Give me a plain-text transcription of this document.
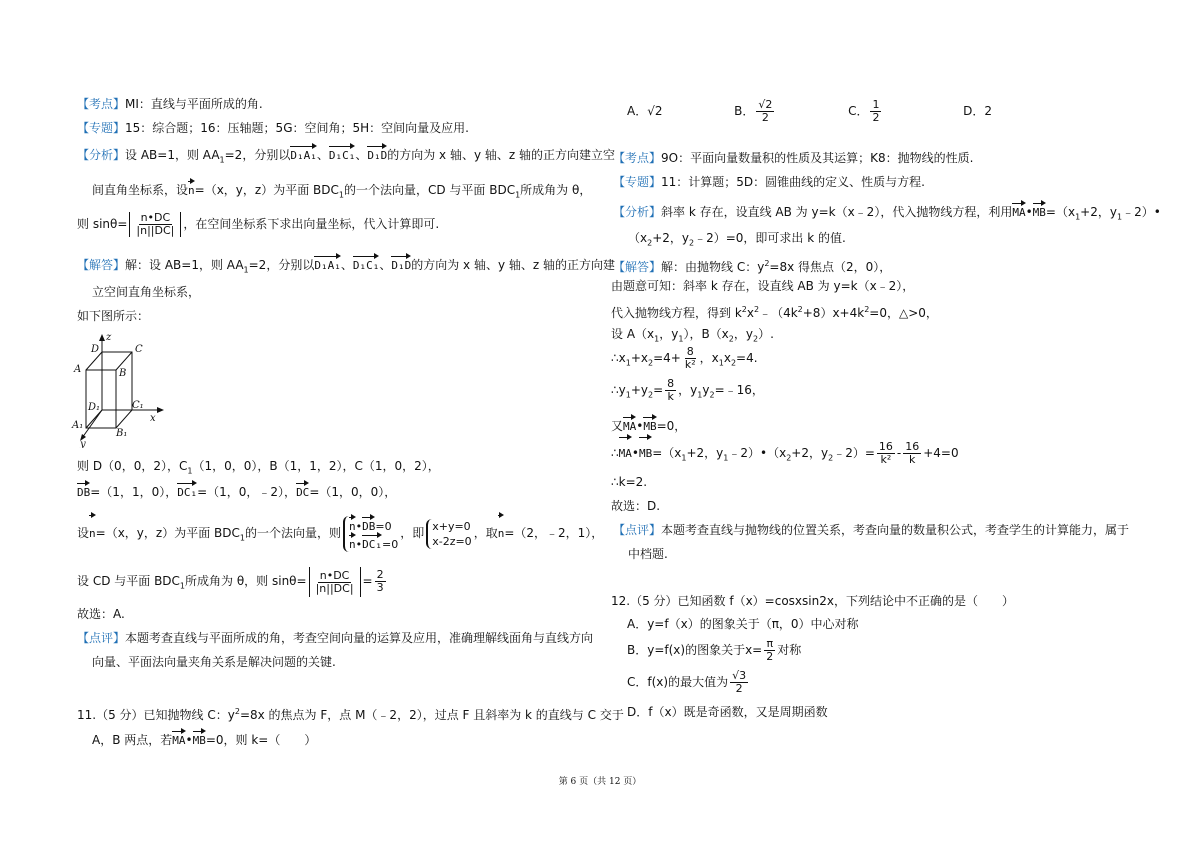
【考点】MI：直线与平面所成的角.
【专题】15：综合题；16：压轴题；5G：空间角；5H：空间向量及应用.
【分析】设 AB=1，则 $AA_1=2$，分别以D₁A₁、D₁C₁、D₁D的方向为 x 轴、y 轴、z 轴的正方向建立空
间直角坐标系，设n=（x，y，z）为平面 $BDC_1$的一个法向量，CD 与平面 $BDC_1$所成角为 θ，
则 $\sin\theta= \frac{n•DC}{|n||DC|}$ ，在空间坐标系下求出向量坐标，代入计算即可.
【解答】解：设 AB=1，则 $AA_1=2$，分别以D₁A₁、D₁C₁、D₁D的方向为 x 轴、y 轴、z 轴的正方向建
立空间直角坐标系，
如下图所示：
z
D	C
A	B
D₁	C₁
x
A₁
B₁
y
则 D（0，0，2），$C_1(1$，0，0），B（1，1，2），C（1，0，2），
DB=（1，1，0），DC₁=（1，0，﹣2），DC=（1，0，0），
设n=（x，y，z）为平面 $BDC_1$的一个法向量，则 n•DB=0
n•DC₁=0
，即 x+y=0
x-2z=0
，取n=（2，﹣2，1），
设 CD 与平面 $BDC_1$所成角为 θ，则 $\sin\theta= \frac{n•DC}{|n||DC|} = \frac{2}{3}$
故选：A.
【点评】本题考查直线与平面所成的角，考查空间向量的运算及应用，准确理解线面角与直线方向
向量、平面法向量夹角关系是解决问题的关键.
11.（5 分）已知抛物线 C：$y^2=8x$ 的焦点为 F，点 M（﹣2，2），过点 F 且斜率为 k 的直线与 C 交于
A，B 两点，若MA•MB=0，则 k=（　　）
A．√2	B． $\frac{√2}{2}$	C． $\frac{1}{2}$	D．2
【考点】9O：平面向量数量积的性质及其运算；K8：抛物线的性质.
【专题】11：计算题；5D：圆锥曲线的定义、性质与方程.
【分析】斜率 k 存在，设直线 AB 为 y=k（x﹣2），代入抛物线方程，利用$MA•MB=(x_1+2$，$y_1﹣2)•$
（$x_2+2$，$y_2﹣2)=0$，即可求出 k 的值.
【解答】解：由抛物线 C：$y^2=8x$ 得焦点（2，0），
由题意可知：斜率 k 存在，设直线 AB 为 y=k（x﹣2），
代入抛物线方程，得到 $k^2x^2﹣(4k^2+8)x+4k^2=0$，△>0，
设 $A(x_1$，$y_1$），$B(x_2$，$y_2$）.
$\therefore x_1+x_2=4+ \frac{8}{\text{k²}}$ ，$x_1x_2=4$.
$\therefore y_1+y_2= \frac{8}{k}$ ，$y_1y_2=﹣16$，
又MA•MB=0，
$\therefore MA•MB=(x_1+2$，$y_1﹣2)•(x_2+2$，$y_2﹣2)= \frac{16}{\text{k²}} - \frac{16}{k} +4=0$
∴k=2.
故选：D.
【点评】本题考查直线与抛物线的位置关系，考查向量的数量积公式，考查学生的计算能力，属于
中档题.
12.（5 分）已知函数 f（x）=cosxsin2x，下列结论中不正确的是（　　）
A．y=f（x）的图象关于（π，0）中心对称
B．y=f(x)的图象关于$x= \frac{\pi}{2}$ 对称
C．f(x)的最大值为 $\frac{√3}{2}$
D．f（x）既是奇函数，又是周期函数
第 6 页（共 12 页）
